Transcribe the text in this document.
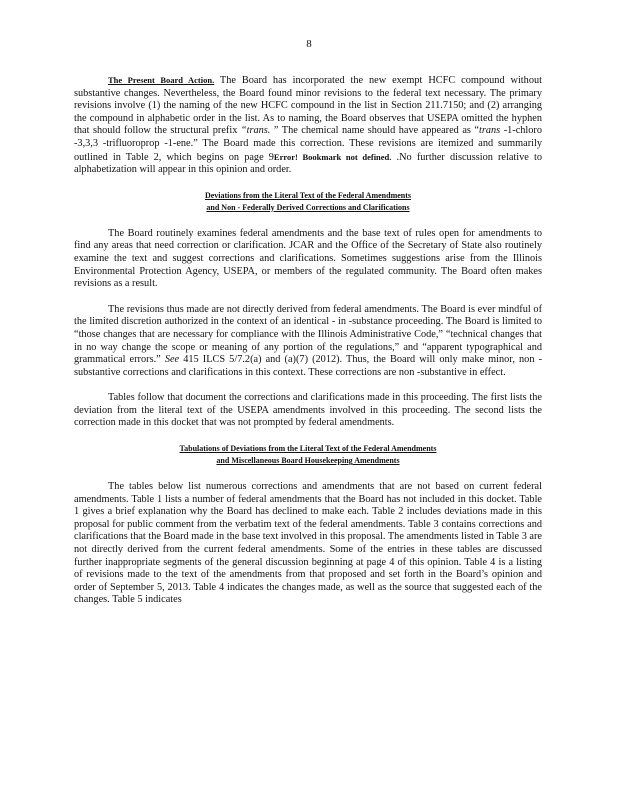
8

The Present Board Action. The Board has incorporated the new exempt HCFC compound without substantive changes. Nevertheless, the Board found minor revisions to the federal text necessary. The primary revisions involve (1) the naming of the new HCFC compound in the list in Section 211.7150; and (2) arranging the compound in alphabetic order in the list. As to naming, the Board observes that USEPA omitted the hyphen that should follow the structural prefix “trans. ” The chemical name should have appeared as “trans -1-chloro -3,3,3 -trifluoroprop -1-ene.” The Board made this correction. These revisions are itemized and summarily outlined in Table 2, which begins on page 9Error! Bookmark not defined. .No further discussion relative to alphabetization will appear in this opinion and order.

Deviations from the Literal Text of the Federal Amendments
and Non - Federally Derived Corrections and Clarifications

The Board routinely examines federal amendments and the base text of rules open for amendments to find any areas that need correction or clarification. JCAR and the Office of the Secretary of State also routinely examine the text and suggest corrections and clarifications. Sometimes suggestions arise from the Illinois Environmental Protection Agency, USEPA, or members of the regulated community. The Board often makes revisions as a result.

The revisions thus made are not directly derived from federal amendments. The Board is ever mindful of the limited discretion authorized in the context of an identical - in -substance proceeding. The Board is limited to “those changes that are necessary for compliance with the Illinois Administrative Code,” “technical changes that in no way change the scope or meaning of any portion of the regulations,” and “apparent typographical and grammatical errors.” See 415 ILCS 5/7.2(a) and (a)(7) (2012). Thus, the Board will only make minor, non - substantive corrections and clarifications in this context. These corrections are non -substantive in effect.

Tables follow that document the corrections and clarifications made in this proceeding. The first lists the deviation from the literal text of the USEPA amendments involved in this proceeding. The second lists the correction made in this docket that was not prompted by federal amendments.

Tabulations of Deviations from the Literal Text of the Federal Amendments
and Miscellaneous Board Housekeeping Amendments

The tables below list numerous corrections and amendments that are not based on current federal amendments. Table 1 lists a number of federal amendments that the Board has not included in this docket. Table 1 gives a brief explanation why the Board has declined to make each. Table 2 includes deviations made in this proposal for public comment from the verbatim text of the federal amendments. Table 3 contains corrections and clarifications that the Board made in the base text involved in this proposal. The amendments listed in Table 3 are not directly derived from the current federal amendments. Some of the entries in these tables are discussed further inappropriate segments of the general discussion beginning at page 4 of this opinion. Table 4 is a listing of revisions made to the text of the amendments from that proposed and set forth in the Board’s opinion and order of September 5, 2013. Table 4 indicates the changes made, as well as the source that suggested each of the changes. Table 5 indicates
